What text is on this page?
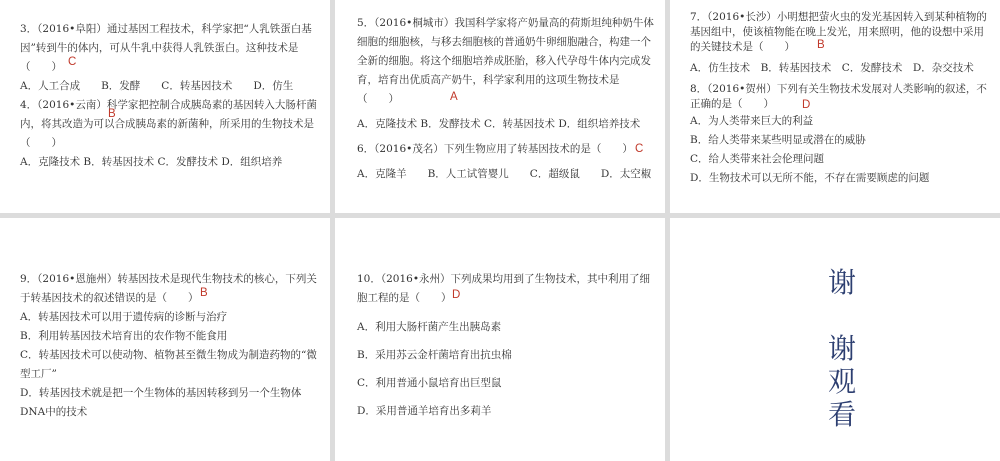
3．（2016•阜阳）通过基因工程技术，科学家把“人乳铁蛋白基因”转到牛的体内，可从牛乳中获得人乳铁蛋白。这种技术是（　　） C

A．人工合成　　B．发酵　　C．转基因技术　　D．仿生

4．（2016•云南）科学家把控制合成胰岛素的基因转入大肠杆菌内，将其改造为可以合成胰岛素的新菌种，所采用的生物技术是（　　）
B

A．克隆技术 B．转基因技术 C．发酵技术 D．组织培养

5．（2016•桐城市）我国科学家将产奶量高的荷斯坦纯种奶牛体细胞的细胞核，与移去细胞核的普通奶牛卵细胞融合，构建一个全新的细胞。将这个细胞培养成胚胎，移入代孕母牛体内完成发育，培育出优质高产奶牛，科学家利用的这项生物技术是（　　）	A

A．克隆技术 B．发酵技术 C．转基因技术 D．组织培养技术

6．（2016•茂名）下列生物应用了转基因技术的是（　　） C

A．克隆羊　　B．人工试管婴儿　　C．超级鼠　　D．太空椒

7．（2016•长沙）小明想把萤火虫的发光基因转入到某种植物的基因组中，使该植物能在晚上发光，用来照明，他的设想中采用的关键技术是（　　） B

A．仿生技术　B．转基因技术　C．发酵技术　D．杂交技术

8．（2016•贺州）下列有关生物技术发展对人类影响的叙述，不正确的是（　　） D

A．为人类带来巨大的利益

B．给人类带来某些明显或潜在的威胁

C．给人类带来社会伦理问题

D．生物技术可以无所不能，不存在需要顾虑的问题

9．（2016•恩施州）转基因技术是现代生物技术的核心，下列关于转基因技术的叙述错误的是（　　） B

A．转基因技术可以用于遗传病的诊断与治疗

B．利用转基因技术培育出的农作物不能食用

C．转基因技术可以使动物、植物甚至微生物成为制造药物的“微型工厂”

D．转基因技术就是把一个生物体的基因转移到另一个生物体DNA中的技术

10．（2016•永州）下列成果均用到了生物技术，其中利用了细胞工程的是（　　） D

A．利用大肠杆菌产生出胰岛素

B．采用苏云金杆菌培育出抗虫棉

C．利用普通小鼠培育出巨型鼠

D．采用普通羊培育出多莉羊

谢
谢
观
看
